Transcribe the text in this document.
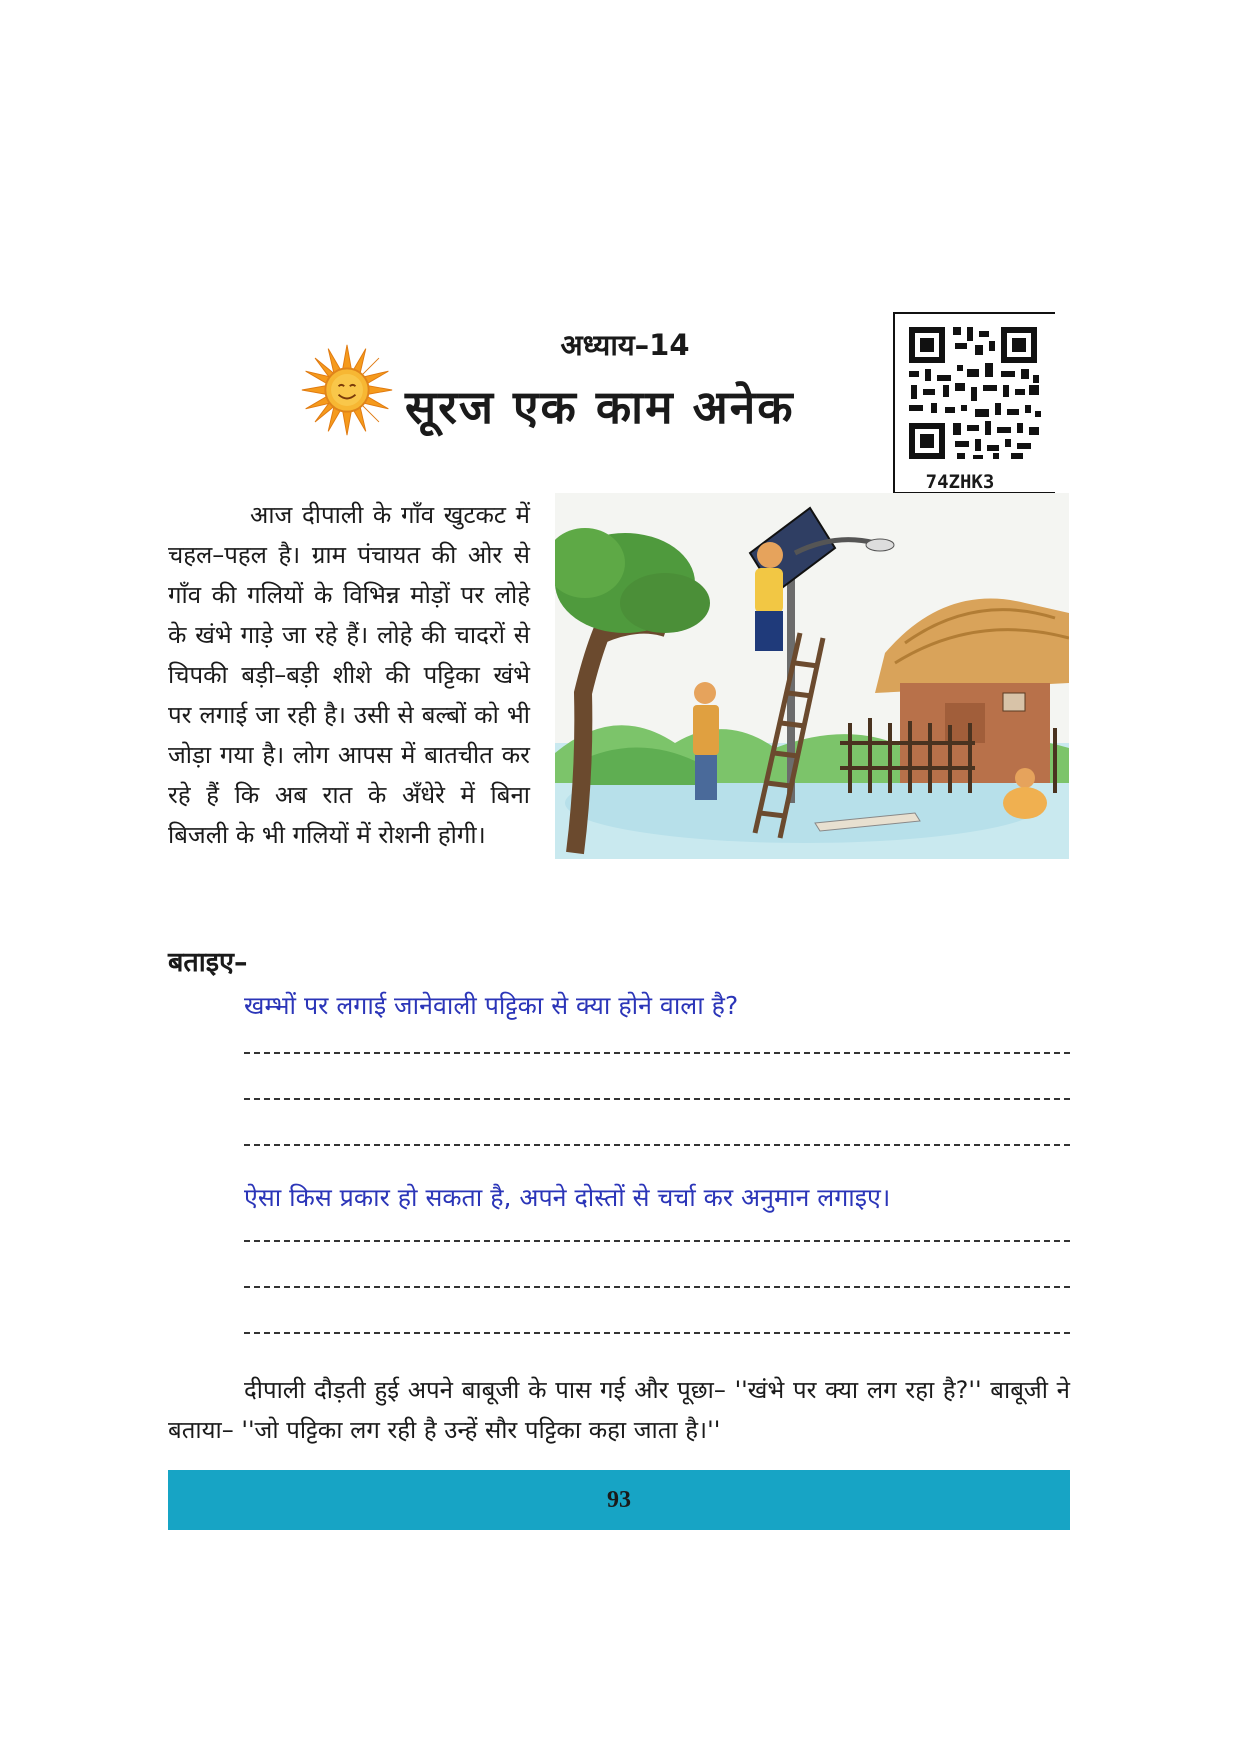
अध्याय–14
सूरज एक काम अनेक
74ZHK3

आज दीपाली के गाँव खुटकट में चहल–पहल है। ग्राम पंचायत की ओर से गाँव की गलियों के विभिन्न मोड़ों पर लोहे के खंभे गाड़े जा रहे हैं। लोहे की चादरों से चिपकी बड़ी–बड़ी शीशे की पट्टिका खंभे पर लगाई जा रही है। उसी से बल्बों को भी जोड़ा गया है। लोग आपस में बातचीत कर रहे हैं कि अब रात के अँधेरे में बिना बिजली के भी गलियों में रोशनी होगी।

बताइए–
खम्भों पर लगाई जानेवाली पट्टिका से क्या होने वाला है?
ऐसा किस प्रकार हो सकता है, अपने दोस्तों से चर्चा कर अनुमान लगाइए।

दीपाली दौड़ती हुई अपने बाबूजी के पास गई और पूछा– ''खंभे पर क्या लग रहा है?'' बाबूजी ने बताया– ''जो पट्टिका लग रही है उन्हें सौर पट्टिका कहा जाता है।''

93
